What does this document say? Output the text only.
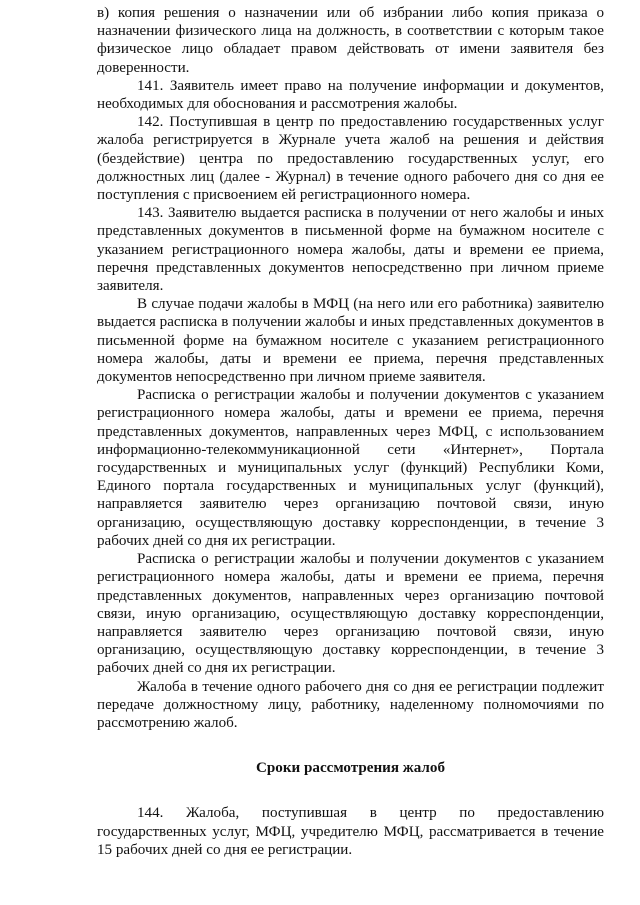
в) копия решения о назначении или об избрании либо копия приказа о назначении физического лица на должность, в соответствии с которым такое физическое лицо обладает правом действовать от имени заявителя без доверенности.

141. Заявитель имеет право на получение информации и документов, необходимых для обоснования и рассмотрения жалобы.

142. Поступившая в центр по предоставлению государственных услуг жалоба регистрируется в Журнале учета жалоб на решения и действия (бездействие) центра по предоставлению государственных услуг, его должностных лиц (далее - Журнал) в течение одного рабочего дня со дня ее поступления с присвоением ей регистрационного номера.

143. Заявителю выдается расписка в получении от него жалобы и иных представленных документов в письменной форме на бумажном носителе с указанием регистрационного номера жалобы, даты и времени ее приема, перечня представленных документов непосредственно при личном приеме заявителя.

В случае подачи жалобы в МФЦ (на него или его работника) заявителю выдается расписка в получении жалобы и иных представленных документов в письменной форме на бумажном носителе с указанием регистрационного номера жалобы, даты и времени ее приема, перечня представленных документов непосредственно при личном приеме заявителя.

Расписка о регистрации жалобы и получении документов с указанием регистрационного номера жалобы, даты и времени ее приема, перечня представленных документов, направленных через МФЦ, с использованием информационно-телекоммуникационной сети «Интернет», Портала государственных и муниципальных услуг (функций) Республики Коми, Единого портала государственных и муниципальных услуг (функций), направляется заявителю через организацию почтовой связи, иную организацию, осуществляющую доставку корреспонденции, в течение 3 рабочих дней со дня их регистрации.

Расписка о регистрации жалобы и получении документов с указанием регистрационного номера жалобы, даты и времени ее приема, перечня представленных документов, направленных через организацию почтовой связи, иную организацию, осуществляющую доставку корреспонденции, направляется заявителю через организацию почтовой связи, иную организацию, осуществляющую доставку корреспонденции, в течение 3 рабочих дней со дня их регистрации.

Жалоба в течение одного рабочего дня со дня ее регистрации подлежит передаче должностному лицу, работнику, наделенному полномочиями по рассмотрению жалоб.

Сроки рассмотрения жалоб

144. Жалоба, поступившая в центр по предоставлению государственных услуг, МФЦ, учредителю МФЦ, рассматривается в течение 15 рабочих дней со дня ее регистрации.
